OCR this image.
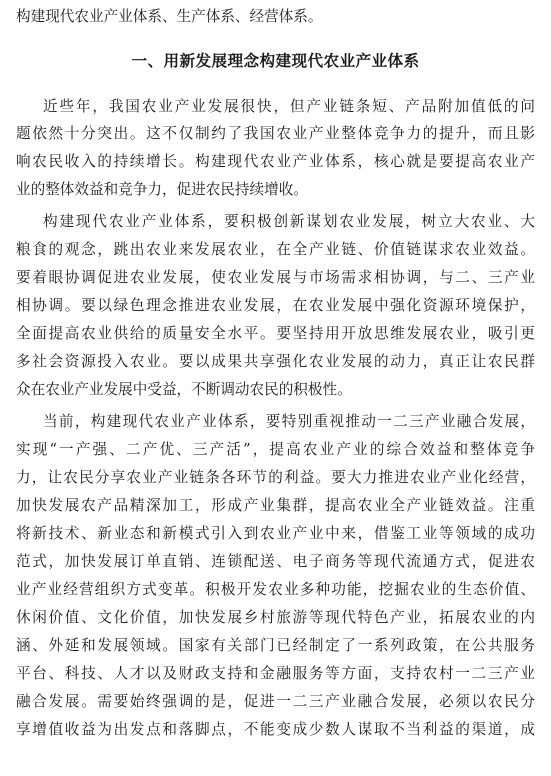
构建现代农业产业体系、生产体系、经营体系。
一、用新发展理念构建现代农业产业体系
近些年，我国农业产业发展很快，但产业链条短、产品附加值低的问
题依然十分突出。这不仅制约了我国农业产业整体竞争力的提升，而且影
响农民收入的持续增长。构建现代农业产业体系，核心就是要提高农业产
业的整体效益和竞争力，促进农民持续增收。
构建现代农业产业体系，要积极创新谋划农业发展，树立大农业、大
粮食的观念，跳出农业来发展农业，在全产业链、价值链谋求农业效益。
要着眼协调促进农业发展，使农业发展与市场需求相协调，与二、三产业
相协调。要以绿色理念推进农业发展，在农业发展中强化资源环境保护，
全面提高农业供给的质量安全水平。要坚持用开放思维发展农业，吸引更
多社会资源投入农业。要以成果共享强化农业发展的动力，真正让农民群
众在农业产业发展中受益，不断调动农民的积极性。
当前，构建现代农业产业体系，要特别重视推动一二三产业融合发展，
实现“一产强、二产优、三产活”，提高农业产业的综合效益和整体竞争
力，让农民分享农业产业链条各环节的利益。要大力推进农业产业化经营，
加快发展农产品精深加工，形成产业集群，提高农业全产业链效益。注重
将新技术、新业态和新模式引入到农业产业中来，借鉴工业等领域的成功
范式，加快发展订单直销、连锁配送、电子商务等现代流通方式，促进农
业产业经营组织方式变革。积极开发农业多种功能，挖掘农业的生态价值、
休闲价值、文化价值，加快发展乡村旅游等现代特色产业，拓展农业的内
涵、外延和发展领域。国家有关部门已经制定了一系列政策，在公共服务
平台、科技、人才以及财政支持和金融服务等方面，支持农村一二三产业
融合发展。需要始终强调的是，促进一二三产业融合发展，必须以农民分
享增值收益为出发点和落脚点，不能变成少数人谋取不当利益的渠道，成
